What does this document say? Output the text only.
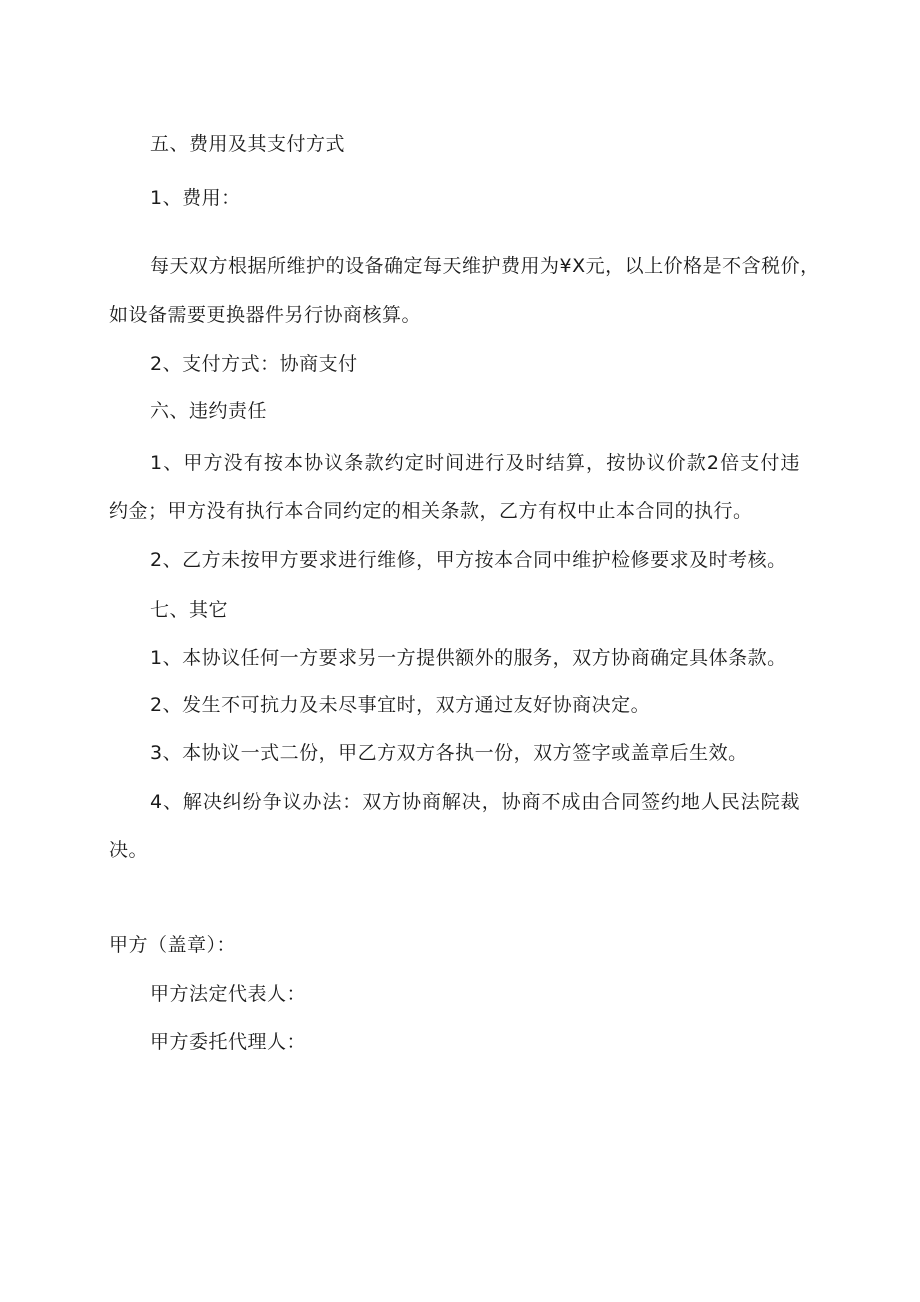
五、费用及其支付方式
1、费用：
每天双方根据所维护的设备确定每天维护费用为¥X元，以上价格是不含税价，
如设备需要更换器件另行协商核算。
2、支付方式：协商支付
六、违约责任
1、甲方没有按本协议条款约定时间进行及时结算，按协议价款2倍支付违
约金；甲方没有执行本合同约定的相关条款，乙方有权中止本合同的执行。
2、乙方未按甲方要求进行维修，甲方按本合同中维护检修要求及时考核。
七、其它
1、本协议任何一方要求另一方提供额外的服务，双方协商确定具体条款。
2、发生不可抗力及未尽事宜时，双方通过友好协商决定。
3、本协议一式二份，甲乙方双方各执一份，双方签字或盖章后生效。
4、解决纠纷争议办法：双方协商解决，协商不成由合同签约地人民法院裁
决。
甲方（盖章）：
甲方法定代表人：
甲方委托代理人：
